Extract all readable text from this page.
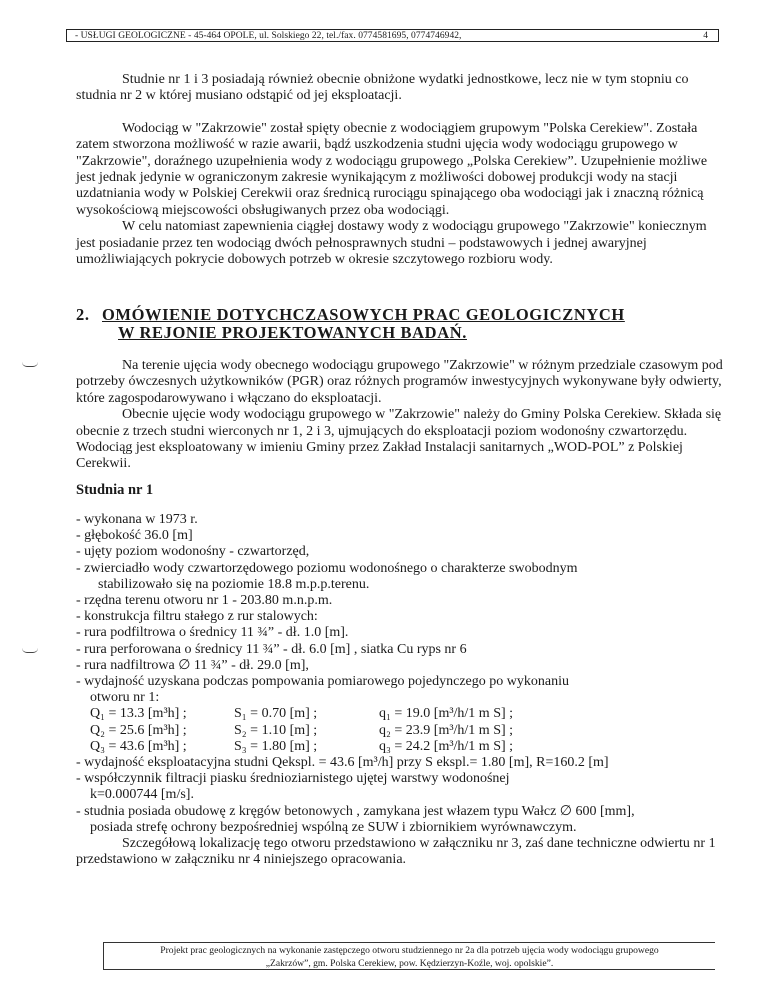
- USŁUGI GEOLOGICZNE - 45-464 OPOLE, ul. Solskiego 22, tel./fax. 0774581695, 0774746942,	4

Studnie nr 1 i 3 posiadają również obecnie obniżone wydatki jednostkowe, lecz nie w tym stopniu co studnia nr 2 w której musiano odstąpić od jej eksploatacji.

Wodociąg w "Zakrzowie" został spięty obecnie z wodociągiem grupowym "Polska Cerekiew". Została zatem stworzona możliwość w razie awarii, bądź uszkodzenia studni ujęcia wody wodociągu grupowego w "Zakrzowie", doraźnego uzupełnienia wody z wodociągu grupowego „Polska Cerekiew”. Uzupełnienie możliwe jest jednak jedynie w ograniczonym zakresie wynikającym z możliwości dobowej produkcji wody na stacji uzdatniania wody w Polskiej Cerekwii oraz średnicą rurociągu spinającego oba wodociągi jak i znaczną różnicą wysokościową miejscowości obsługiwanych przez oba wodociągi.

W celu natomiast zapewnienia ciągłej dostawy wody z wodociągu grupowego "Zakrzowie" koniecznym jest posiadanie przez ten wodociąg dwóch pełnosprawnych studni – podstawowych i jednej awaryjnej umożliwiających pokrycie dobowych potrzeb w okresie szczytowego rozbioru wody.

2. OMÓWIENIE DOTYCHCZASOWYCH PRAC GEOLOGICZNYCH
W REJONIE PROJEKTOWANYCH BADAŃ.

Na terenie ujęcia wody obecnego wodociągu grupowego "Zakrzowie" w różnym przedziale czasowym pod potrzeby ówczesnych użytkowników (PGR) oraz różnych programów inwestycyjnych wykonywane były odwierty, które zagospodarowywano i włączano do eksploatacji.

Obecnie ujęcie wody wodociągu grupowego w "Zakrzowie" należy do Gminy Polska Cerekiew. Składa się obecnie z trzech studni wierconych nr 1, 2 i 3, ujmujących do eksploatacji poziom wodonośny czwartorzędu. Wodociąg jest eksploatowany w imieniu Gminy przez Zakład Instalacji sanitarnych „WOD-POL” z Polskiej Cerekwii.

Studnia nr 1
- wykonana w 1973 r.
- głębokość 36.0 [m]
- ujęty poziom wodonośny - czwartorzęd,
- zwierciadło wody czwartorzędowego poziomu wodonośnego o charakterze swobodnym
stabilizowało się na poziomie 18.8 m.p.p.terenu.
- rzędna terenu otworu nr 1 - 203.80 m.n.p.m.
- konstrukcja filtru stałego z rur stalowych:
- rura podfiltrowa o średnicy 11 ¾” - dł. 1.0 [m].
- rura perforowana o średnicy 11 ¾” - dł. 6.0 [m] , siatka Cu ryps nr 6
- rura nadfiltrowa ∅ 11 ¾” - dł. 29.0 [m],
- wydajność uzyskana podczas pompowania pomiarowego pojedynczego po wykonaniu
otworu nr 1:
Q₁ = 13.3 [m³h] ;	S₁ = 0.70 [m] ;	q₁ = 19.0 [m³/h/1 m S] ;
Q₂ = 25.6 [m³h] ;	S₂ = 1.10 [m] ;	q₂ = 23.9 [m³/h/1 m S] ;
Q₃ = 43.6 [m³h] ;	S₃ = 1.80 [m] ;	q₃ = 24.2 [m³/h/1 m S] ;
- wydajność eksploatacyjna studni Qekspl. = 43.6 [m³/h] przy S ekspl.= 1.80 [m], R=160.2 [m]
- współczynnik filtracji piasku średnioziarnistego ujętej warstwy wodonośnej
k=0.000744 [m/s].
- studnia posiada obudowę z kręgów betonowych , zamykana jest włazem typu Wałcz ∅ 600 [mm],
posiada strefę ochrony bezpośredniej wspólną ze SUW i zbiornikiem wyrównawczym.

Szczegółową lokalizację tego otworu przedstawiono w załączniku nr 3, zaś dane techniczne odwiertu nr 1 przedstawiono w załączniku nr 4 niniejszego opracowania.

Projekt prac geologicznych na wykonanie zastępczego otworu studziennego nr 2a dla potrzeb ujęcia wody wodociągu grupowego
„Zakrzów”, gm. Polska Cerekiew, pow. Kędzierzyn-Koźle, woj. opolskie”.
